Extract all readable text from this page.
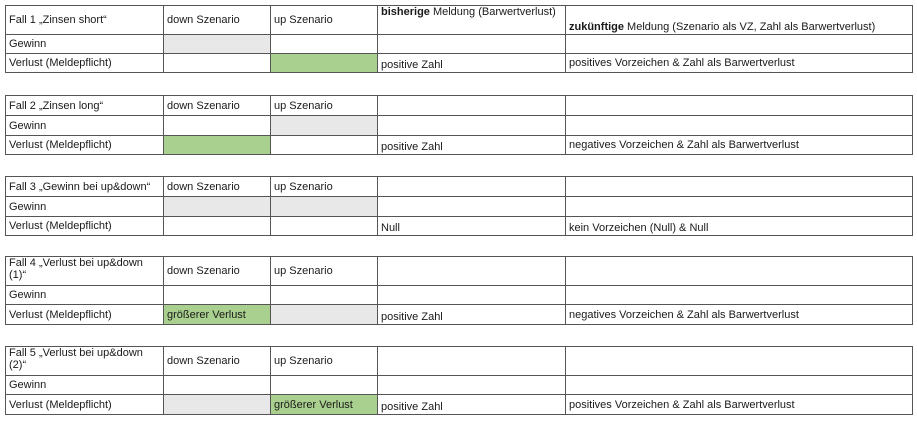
Fall 1 „Zinsen short“	down Szenario	up Szenario	bisherige Meldung (Barwertverlust)	zukünftige Meldung (Szenario als VZ, Zahl als Barwertverlust)
Gewinn				
Verlust (Meldepflicht)			positive Zahl	positives Vorzeichen & Zahl als Barwertverlust
Fall 2 „Zinsen long“	down Szenario	up Szenario		
Gewinn				
Verlust (Meldepflicht)			positive Zahl	negatives Vorzeichen & Zahl als Barwertverlust
Fall 3 „Gewinn bei up&down“	down Szenario	up Szenario		
Gewinn				
Verlust (Meldepflicht)			Null	kein Vorzeichen (Null) & Null
Fall 4 „Verlust bei up&down (1)“	down Szenario	up Szenario		
Gewinn				
Verlust (Meldepflicht)	größerer Verlust		positive Zahl	negatives Vorzeichen & Zahl als Barwertverlust
Fall 5 „Verlust bei up&down (2)“	down Szenario	up Szenario		
Gewinn				
Verlust (Meldepflicht)		größerer Verlust	positive Zahl	positives Vorzeichen & Zahl als Barwertverlust
